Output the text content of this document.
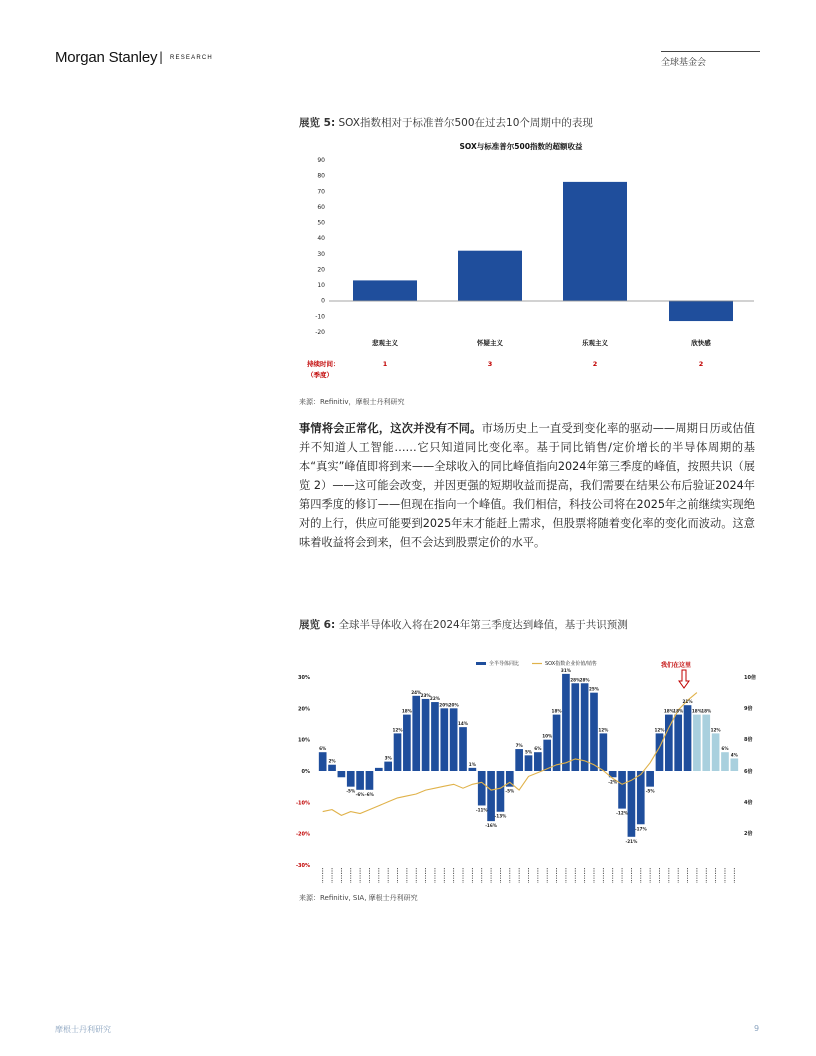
Morgan Stanley | RESEARCH	全球基金会
展览 5: SOX指数相对于标准普尔500在过去10个周期中的表现
SOX与标准普尔500指数的超额收益
-20
-10
0
10
20
30
40
50
60
70
80
90
悲观主义	怀疑主义	乐观主义	欣快感
持续时间：
（季度）
1	3	2	2
来源：Refinitiv，摩根士丹利研究
事情将会正常化，这次并没有不同。市场历史上一直受到变化率的驱动——周期日历或估值并不知道人工智能……它只知道同比变化率。基于同比销售/定价增长的半导体周期的基本“真实”峰值即将到来——全球收入的同比峰值指向2024年第三季度的峰值，按照共识（展览 2）——这可能会改变，并因更强的短期收益而提高，我们需要在结果公布后验证2024年第四季度的修订——但现在指向一个峰值。我们相信，科技公司将在2025年之前继续实现绝对的上行，供应可能要到2025年末才能赶上需求，但股票将随着变化率的变化而波动。这意味着收益将会到来，但不会达到股票定价的水平。
展览 6: 全球半导体收入将在2024年第三季度达到峰值，基于共识预测
全半导体同比	SOX指数企业价值/销售
30%
20%
10%
0%
-10%
-20%
-30%
10倍
9倍
8倍
6倍
4倍
2倍
6%
2%
-5%
-6% -6%
3%
12%
18%
24%
23%
22%
20% 20%
14%
1%
-11%
-16%
-13%
-5%
7%
5%
6%
10%
18%
31%
28% 28%
25%
12%
-2%
-12%
-21%
-17%
-5%
12%
18% 18%
21%
18% 18%
12%
6%
4%
我们在这里
来源：Refinitiv, SIA, 摩根士丹利研究
摩根士丹利研究	9
